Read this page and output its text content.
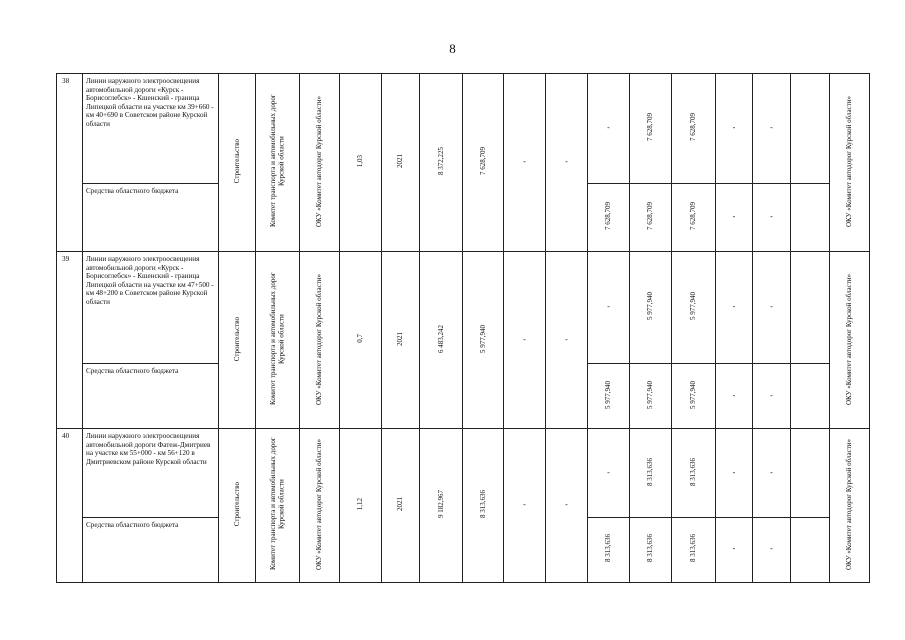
8
38	Линии наружного электроосвещения автомобильной дороги «Курск - Борисоглебск» - Кшенский - граница Липецкой области на участке км 39+660 - км 40+690 в Советском районе Курской области	Строительство	Комитет транспорта и автомобильных дорог Курской области	ОКУ «Комитет автодорог Курской области»	1,03	2021	8 372,225	7 628,709	-	-	-	7 628,709	7 628,709	-	-		ОКУ «Комитет автодорог Курской области»
	Средства областного бюджета										7 628,709	7 628,709	7 628,709	-	-		
39	Линии наружного электроосвещения автомобильной дороги «Курск - Борисоглебск» - Кшенский - граница Липецкой области на участке км 47+500 - км 48+200 в Советском районе Курской области	Строительство	Комитет транспорта и автомобильных дорог Курской области	ОКУ «Комитет автодорог Курской области»	0,7	2021	6 483,242	5 977,940	-	-	-	5 977,940	5 977,940	-	-		ОКУ «Комитет автодорог Курской области»
	Средства областного бюджета										5 977,940	5 977,940	5 977,940	-	-		
40	Линии наружного электроосвещения автомобильной дороги Фатеж-Дмитриев на участке км 55+000 - км 56+120 в Дмитриевском районе Курской области	Строительство	Комитет транспорта и автомобильных дорог Курской области	ОКУ «Комитет автодорог Курской области»	1,12	2021	9 182,967	8 313,636	-	-	-	8 313,636	8 313,636	-	-		ОКУ «Комитет автодорог Курской области»
	Средства областного бюджета										8 313,636	8 313,636	8 313,636	-	-		
